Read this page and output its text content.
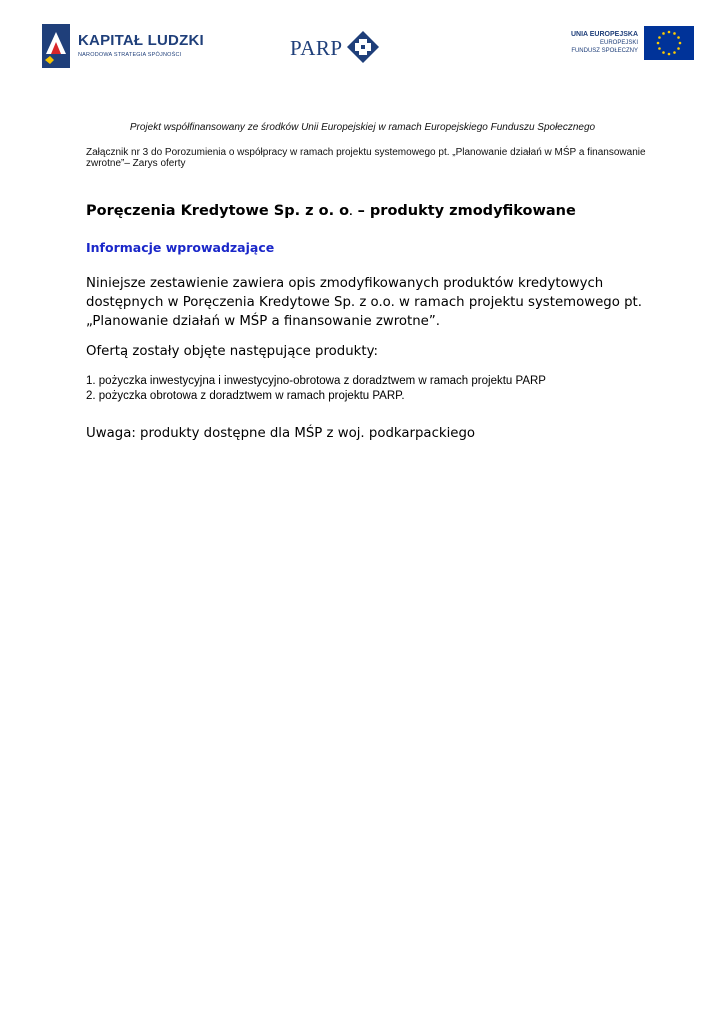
KAPITAŁ LUDZKI
NARODOWA STRATEGIA SPÓJNOŚCI	PARP
UNIA EUROPEJSKA
EUROPEJSKI
FUNDUSZ SPOŁECZNY
Projekt współfinansowany ze środków Unii Europejskiej w ramach Europejskiego Funduszu Społecznego
Załącznik nr 3 do Porozumienia o współpracy w ramach projektu systemowego pt. „Planowanie działań w MŚP a finansowanie zwrotne”– Zarys oferty
Poręczenia Kredytowe Sp. z o. o. – produkty zmodyfikowane
Informacje wprowadzające
Niniejsze zestawienie zawiera opis zmodyfikowanych produktów kredytowych dostępnych w Poręczenia Kredytowe Sp. z o.o. w ramach projektu systemowego pt. „Planowanie działań w MŚP a finansowanie zwrotne”.
Ofertą zostały objęte następujące produkty:
1. pożyczka inwestycyjna i inwestycyjno-obrotowa z doradztwem w ramach projektu PARP
2. pożyczka obrotowa z doradztwem w ramach projektu PARP.
Uwaga: produkty dostępne dla MŚP z woj. podkarpackiego
